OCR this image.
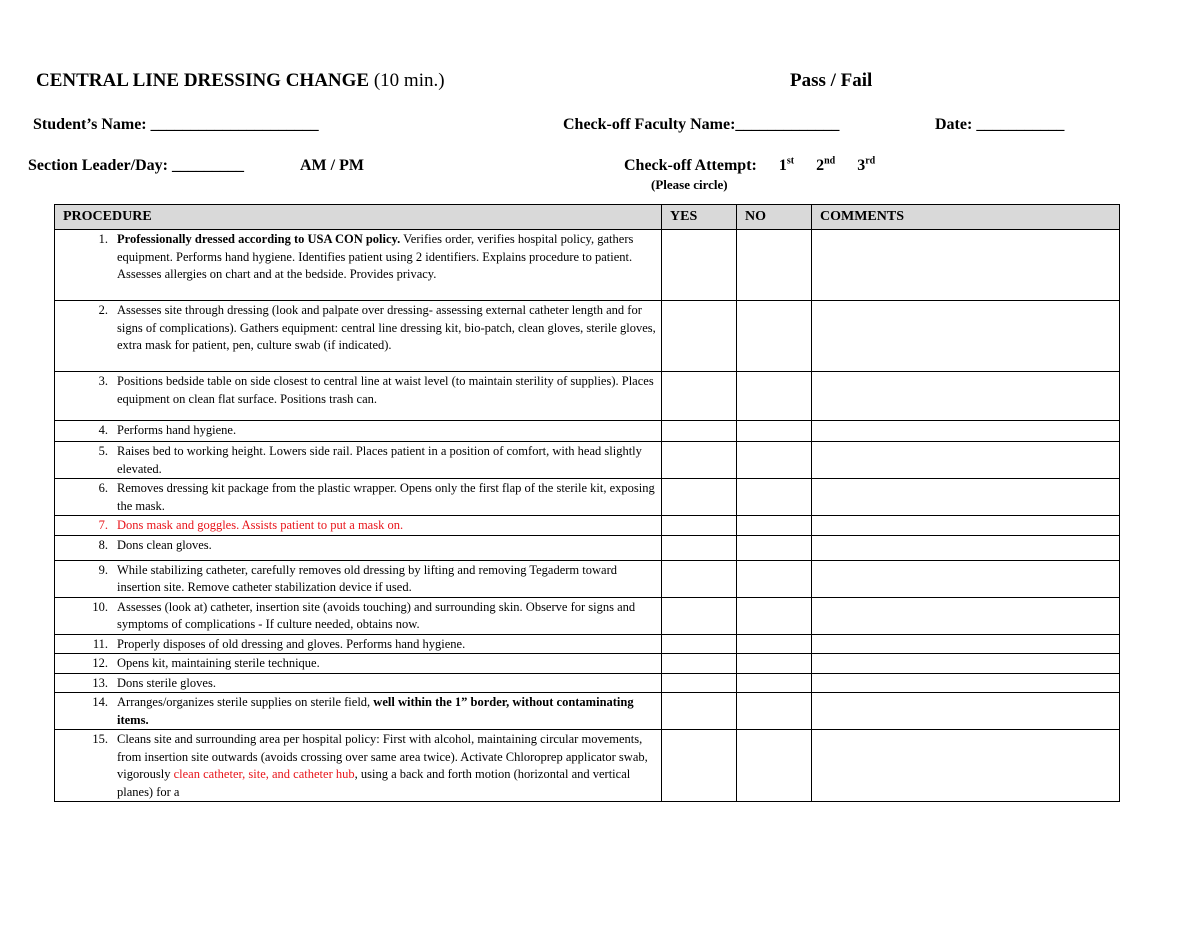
CENTRAL LINE DRESSING CHANGE (10 min.)	Pass / Fail
Student’s Name: _____________________	Check-off Faculty Name:_____________	Date: ___________
Section Leader/Day: _________	AM / PM	Check-off Attempt: 1st 2nd 3rd
(Please circle)
PROCEDURE	YES	NO	COMMENTS

1. Professionally dressed according to USA CON policy. Verifies order, verifies hospital policy, gathers equipment. Performs hand hygiene. Identifies patient using 2 identifiers. Explains procedure to patient. Assesses allergies on chart and at the bedside. Provides privacy.			

2. Assesses site through dressing (look and palpate over dressing- assessing external catheter length and for signs of complications). Gathers equipment: central line dressing kit, bio-patch, clean gloves, sterile gloves, extra mask for patient, pen, culture swab (if indicated).			

3. Positions bedside table on side closest to central line at waist level (to maintain sterility of supplies). Places equipment on clean flat surface. Positions trash can.			

4. Performs hand hygiene.			

5. Raises bed to working height. Lowers side rail. Places patient in a position of comfort, with head slightly elevated.			

6. Removes dressing kit package from the plastic wrapper. Opens only the first flap of the sterile kit, exposing the mask.			

7. Dons mask and goggles. Assists patient to put a mask on.			

8. Dons clean gloves.			

9. While stabilizing catheter, carefully removes old dressing by lifting and removing Tegaderm toward insertion site. Remove catheter stabilization device if used.			

10. Assesses (look at) catheter, insertion site (avoids touching) and surrounding skin. Observe for signs and symptoms of complications - If culture needed, obtains now.			

11. Properly disposes of old dressing and gloves. Performs hand hygiene.			

12. Opens kit, maintaining sterile technique.			

13. Dons sterile gloves.			

14. Arranges/organizes sterile supplies on sterile field, well within the 1” border, without contaminating items.			

15. Cleans site and surrounding area per hospital policy: First with alcohol, maintaining circular movements, from insertion site outwards (avoids crossing over same area twice). Activate Chloroprep applicator swab, vigorously clean catheter, site, and catheter hub, using a back and forth motion (horizontal and vertical planes) for a			
